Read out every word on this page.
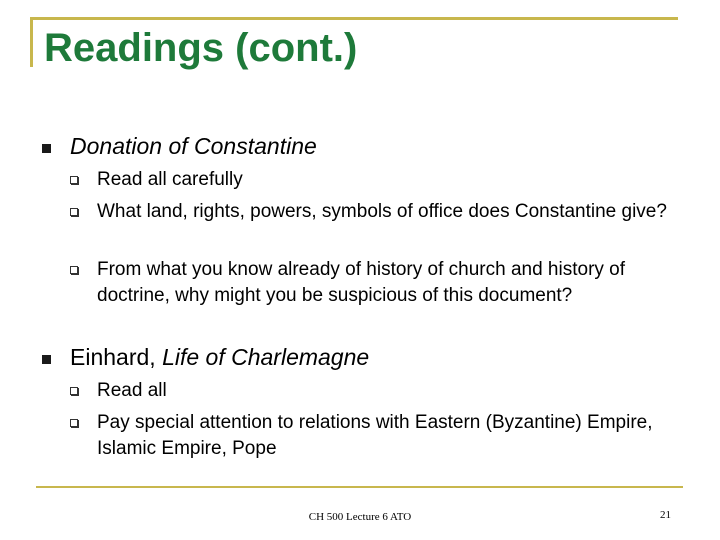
Readings (cont.)
Donation of Constantine
Read all carefully
What land, rights, powers, symbols of office does Constantine give?
From what you know already of history of church and history of doctrine, why might you be suspicious of this document?
Einhard, Life of Charlemagne
Read all
Pay special attention to relations with Eastern (Byzantine) Empire, Islamic Empire, Pope
CH 500 Lecture 6 ATO	21
